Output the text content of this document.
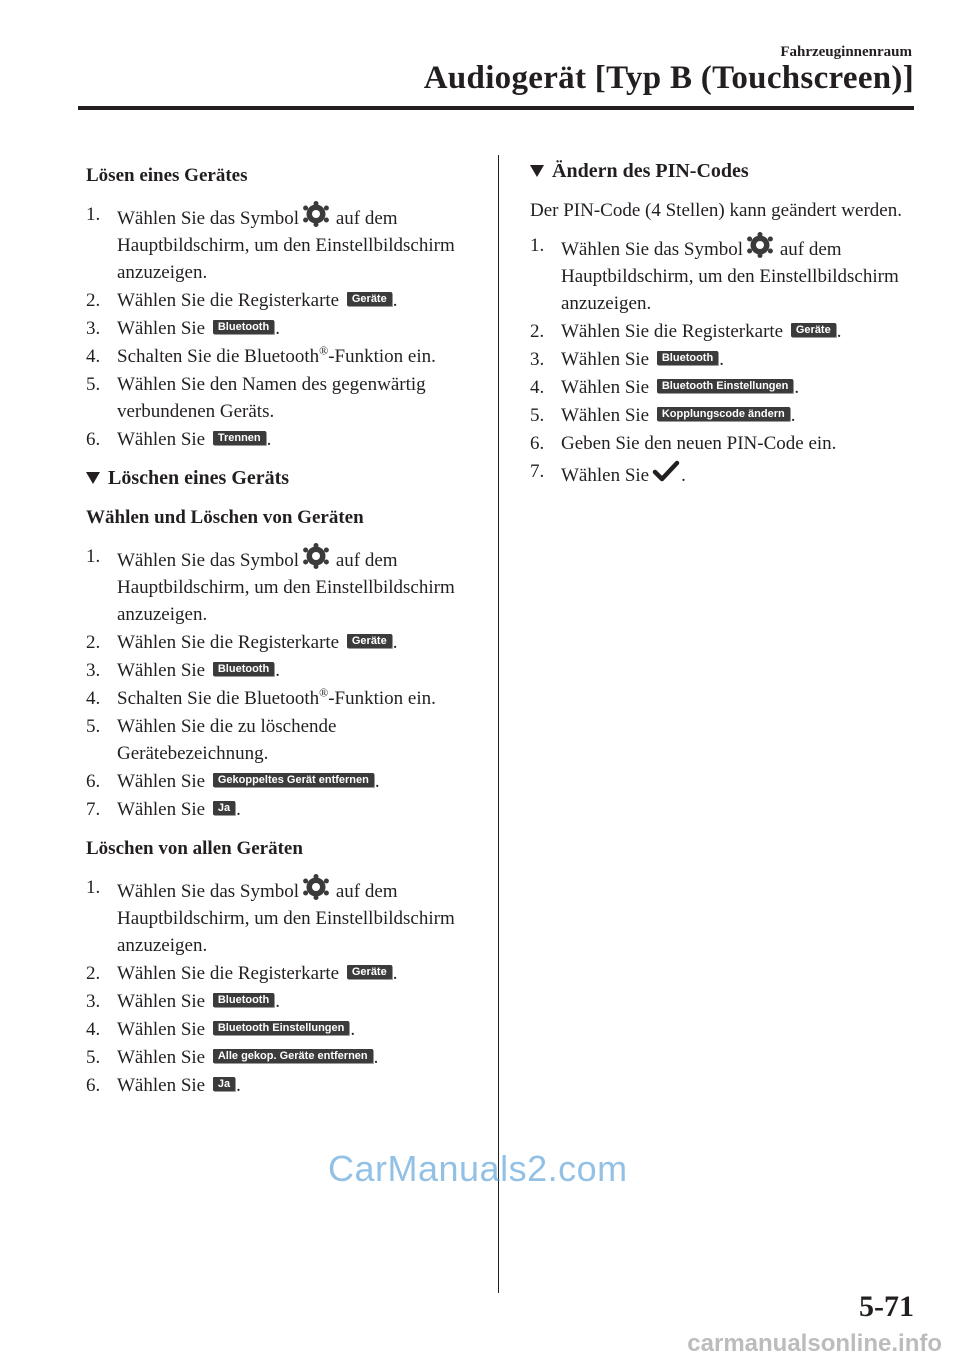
Fahrzeuginnenraum
Audiogerät [Typ B (Touchscreen)]
Lösen eines Gerätes
1. Wählen Sie das Symbol auf dem Hauptbildschirm, um den Einstellbildschirm anzuzeigen.
2. Wählen Sie die Registerkarte Geräte .
3. Wählen Sie Bluetooth .
4. Schalten Sie die Bluetooth®-Funktion ein.
5. Wählen Sie den Namen des gegenwärtig verbundenen Geräts.
6. Wählen Sie Trennen .
Löschen eines Geräts
Wählen und Löschen von Geräten
1. Wählen Sie das Symbol auf dem Hauptbildschirm, um den Einstellbildschirm anzuzeigen.
2. Wählen Sie die Registerkarte Geräte .
3. Wählen Sie Bluetooth .
4. Schalten Sie die Bluetooth®-Funktion ein.
5. Wählen Sie die zu löschende Gerätebezeichnung.
6. Wählen Sie Gekoppeltes Gerät entfernen .
7. Wählen Sie Ja .
Löschen von allen Geräten
1. Wählen Sie das Symbol auf dem Hauptbildschirm, um den Einstellbildschirm anzuzeigen.
2. Wählen Sie die Registerkarte Geräte .
3. Wählen Sie Bluetooth .
4. Wählen Sie Bluetooth Einstellungen .
5. Wählen Sie Alle gekop. Geräte entfernen .
6. Wählen Sie Ja .
Ändern des PIN-Codes
Der PIN-Code (4 Stellen) kann geändert werden.
1. Wählen Sie das Symbol auf dem Hauptbildschirm, um den Einstellbildschirm anzuzeigen.
2. Wählen Sie die Registerkarte Geräte .
3. Wählen Sie Bluetooth .
4. Wählen Sie Bluetooth Einstellungen .
5. Wählen Sie Kopplungscode ändern .
6. Geben Sie den neuen PIN-Code ein.
7. Wählen Sie .
CarManuals2.com
5-71
carmanualsonline.info
